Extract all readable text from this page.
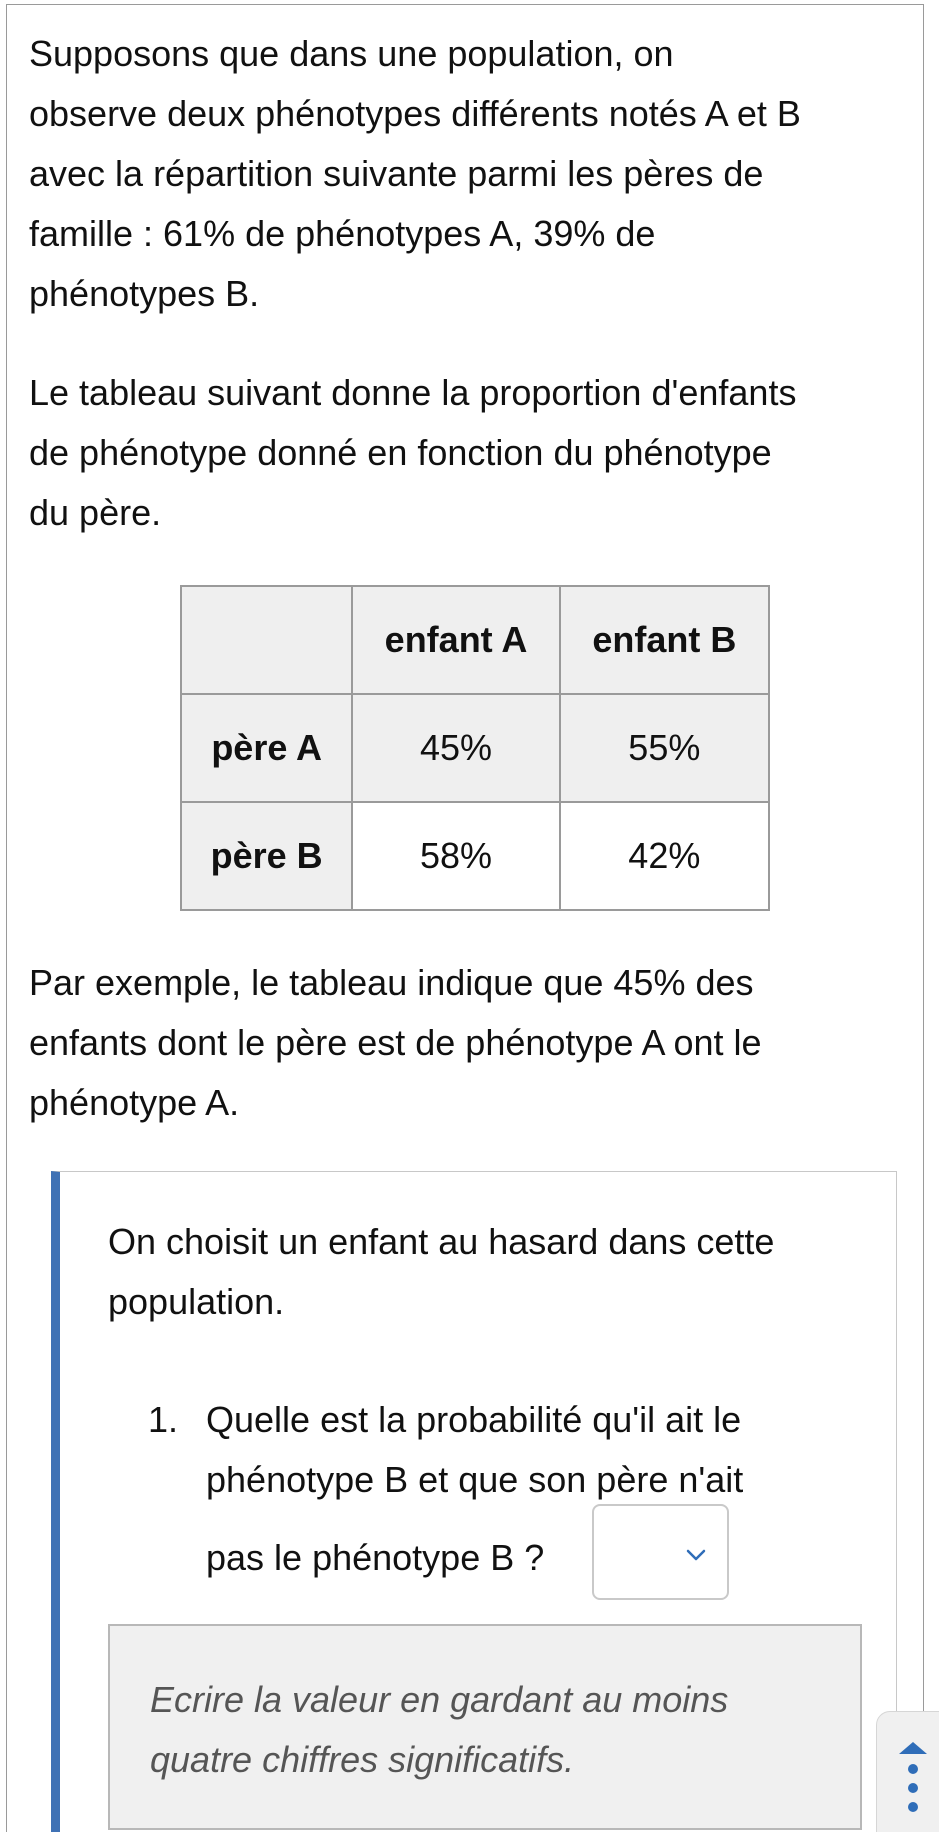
Supposons que dans une population, on
observe deux phénotypes différents notés A et B
avec la répartition suivante parmi les pères de
famille : 61% de phénotypes A, 39% de
phénotypes B.
Le tableau suivant donne la proportion d'enfants
de phénotype donné en fonction du phénotype
du père.
	enfant A	enfant B
père A	45%	55%
père B	58%	42%
Par exemple, le tableau indique que 45% des
enfants dont le père est de phénotype A ont le
phénotype A.
On choisit un enfant au hasard dans cette
population.
1. Quelle est la probabilité qu'il ait le
phénotype B et que son père n'ait
pas le phénotype B ?
Ecrire la valeur en gardant au moins
quatre chiffres significatifs.
